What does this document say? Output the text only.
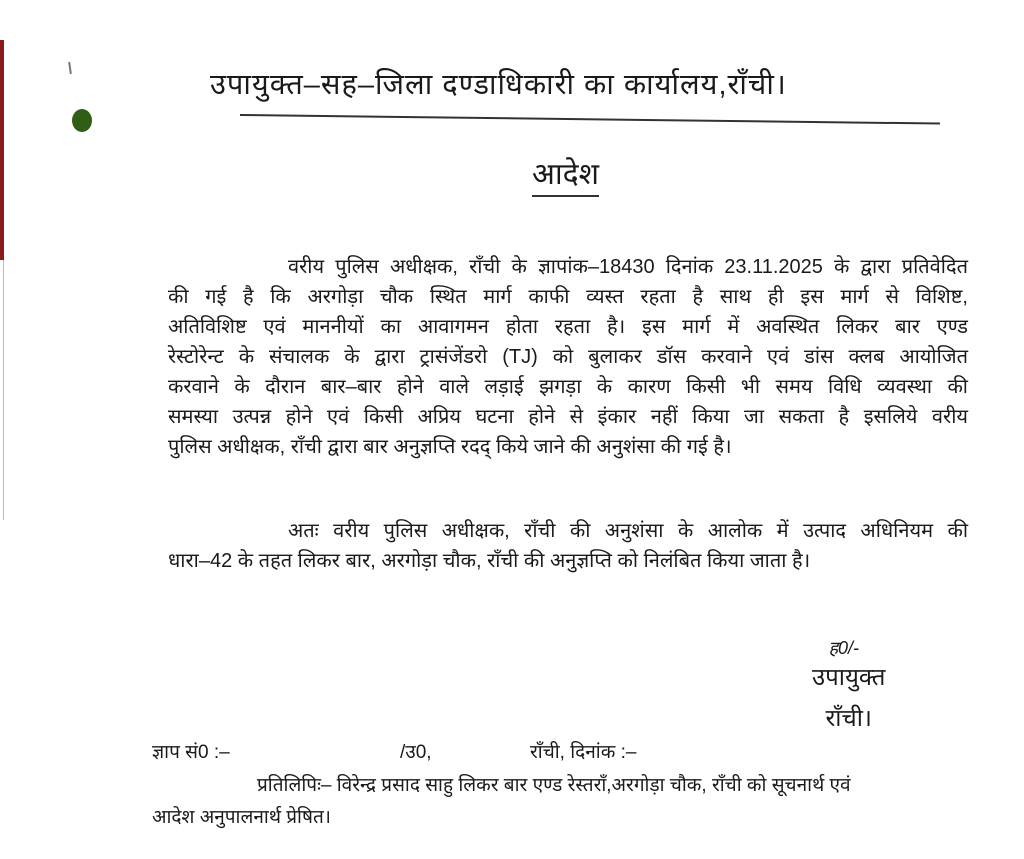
उपायुक्त–सह–जिला दण्डाधिकारी का कार्यालय,राँची।
आदेश
वरीय पुलिस अधीक्षक, राँची के ज्ञापांक–18430 दिनांक 23.11.2025 के द्वारा प्रतिवेदित
की गई है कि अरगोड़ा चौक स्थित मार्ग काफी व्यस्त रहता है साथ ही इस मार्ग से विशिष्ट,
अतिविशिष्ट एवं माननीयों का आवागमन होता रहता है। इस मार्ग में अवस्थित लिकर बार एण्ड
रेस्टोरेन्ट के संचालक के द्वारा ट्रासंजेंडरो (TJ) को बुलाकर डॉस करवाने एवं डांस क्लब आयोजित
करवाने के दौरान बार–बार होने वाले लड़ाई झगड़ा के कारण किसी भी समय विधि व्यवस्था की
समस्या उत्पन्न होने एवं किसी अप्रिय घटना होने से इंकार नहीं किया जा सकता है इसलिये वरीय
पुलिस अधीक्षक, राँची द्वारा बार अनुज्ञप्ति रदद् किये जाने की अनुशंसा की गई है।
अतः वरीय पुलिस अधीक्षक, राँची की अनुशंसा के आलोक में उत्पाद अधिनियम की
धारा–42 के तहत लिकर बार, अरगोड़ा चौक, राँची की अनुज्ञप्ति को निलंबित किया जाता है।
ह0/-
उपायुक्त
राँची।
ज्ञाप सं0 :–	/उ0,	राँची, दिनांक :–
प्रतिलिपिः– विरेन्द्र प्रसाद साहु लिकर बार एण्ड रेस्तराँ,अरगोड़ा चौक, राँची को सूचनार्थ एवं
आदेश अनुपालनार्थ प्रेषित।
